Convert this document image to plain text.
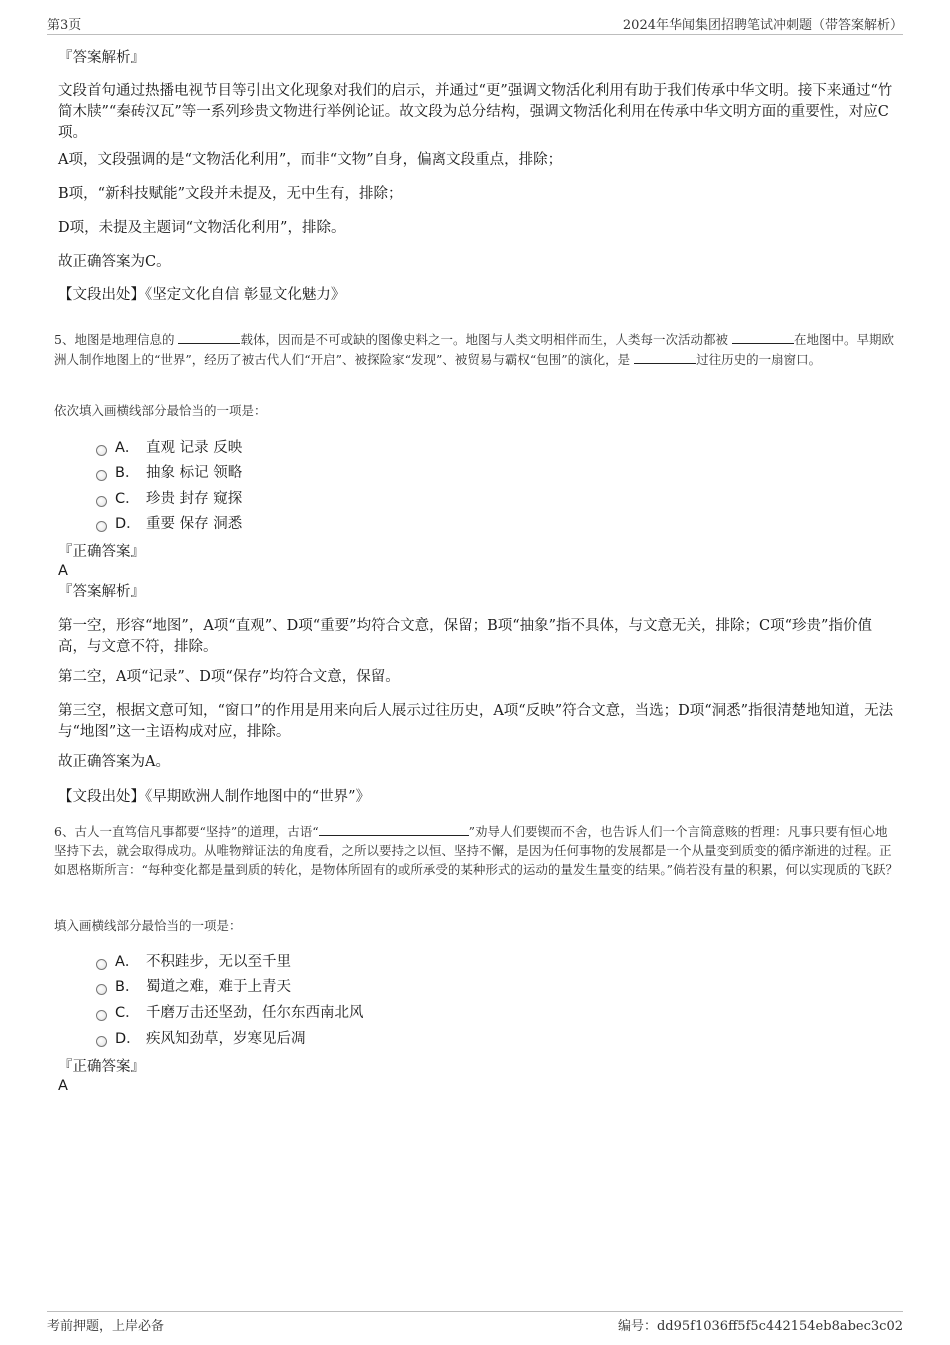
第3页	2024年华闻集团招聘笔试冲刺题（带答案解析）
『答案解析』
文段首句通过热播电视节目等引出文化现象对我们的启示，并通过“更”强调文物活化利用有助于我们传承中华文明。接下来通过“竹简木牍”“秦砖汉瓦”等一系列珍贵文物进行举例论证。故文段为总分结构，强调文物活化利用在传承中华文明方面的重要性，对应C项。
A项，文段强调的是“文物活化利用”，而非“文物”自身，偏离文段重点，排除；
B项，“新科技赋能”文段并未提及，无中生有，排除；
D项，未提及主题词“文物活化利用”，排除。
故正确答案为C。
【文段出处】《坚定文化自信 彰显文化魅力》
5、地图是地理信息的	载体，因而是不可或缺的图像史料之一。地图与人类文明相伴而生，人类每一次活动都被	在地图中。早期欧洲人制作地图上的“世界”，经历了被古代人们“开启”、被探险家“发现”、被贸易与霸权“包围”的演化，是	过往历史的一扇窗口。
依次填入画横线部分最恰当的一项是：
A． 直观 记录 反映
B． 抽象 标记 领略
C． 珍贵 封存 窥探
D． 重要 保存 洞悉
『正确答案』
A
『答案解析』
第一空，形容“地图”，A项“直观”、D项“重要”均符合文意，保留；B项“抽象”指不具体，与文意无关，排除；C项“珍贵”指价值高，与文意不符，排除。
第二空，A项“记录”、D项“保存”均符合文意，保留。
第三空，根据文意可知，“窗口”的作用是用来向后人展示过往历史，A项“反映”符合文意，当选；D项“洞悉”指很清楚地知道，无法与“地图”这一主语构成对应，排除。
故正确答案为A。
【文段出处】《早期欧洲人制作地图中的“世界”》
6、古人一直笃信凡事都要“坚持”的道理，古语“	”劝导人们要锲而不舍，也告诉人们一个言简意赅的哲理：凡事只要有恒心地坚持下去，就会取得成功。从唯物辩证法的角度看，之所以要持之以恒、坚持不懈，是因为任何事物的发展都是一个从量变到质变的循序渐进的过程。正如恩格斯所言：“每种变化都是量到质的转化，是物体所固有的或所承受的某种形式的运动的量发生量变的结果。”倘若没有量的积累，何以实现质的飞跃？
填入画横线部分最恰当的一项是：
A． 不积跬步，无以至千里
B． 蜀道之难，难于上青天
C． 千磨万击还坚劲，任尔东西南北风
D． 疾风知劲草，岁寒见后凋
『正确答案』
A
考前押题，上岸必备	编号：dd95f1036ff5f5c442154eb8abec3c02
